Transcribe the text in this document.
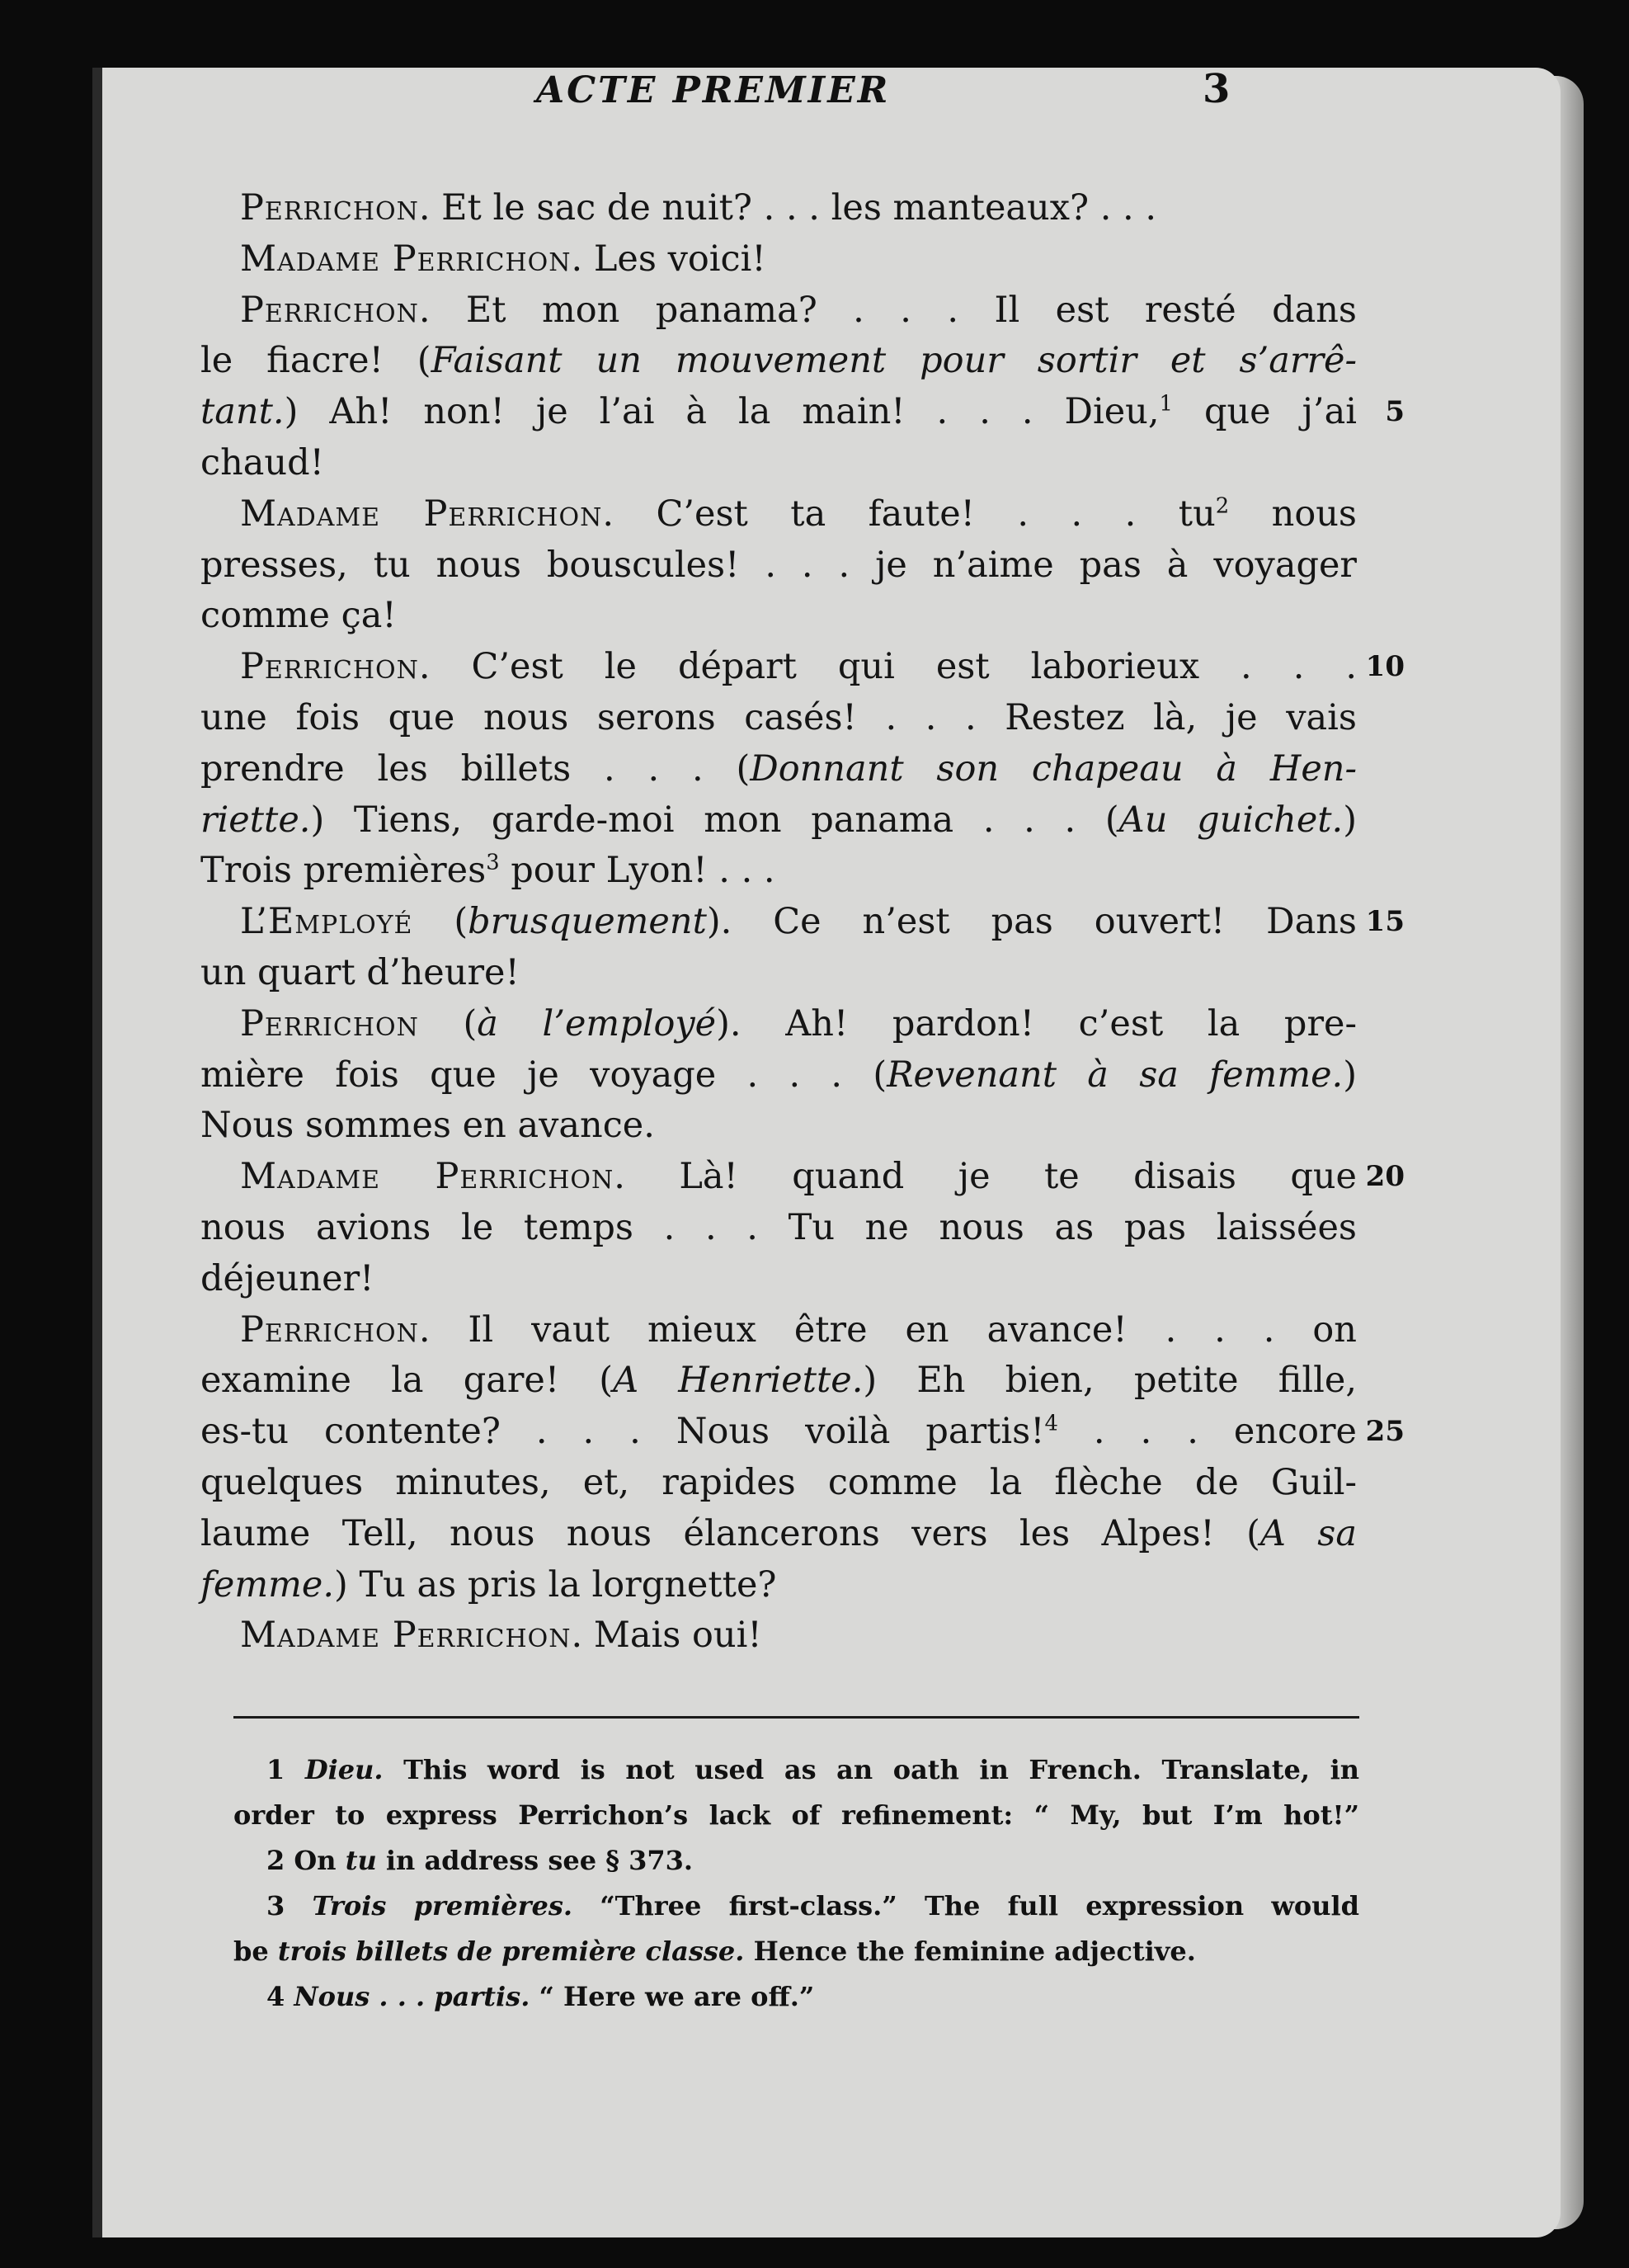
ACTE PREMIER	3
Perrichon. Et le sac de nuit? . . . les manteaux? . . .
Madame Perrichon. Les voici!
Perrichon. Et mon panama? . . . Il est resté dans
le fiacre! (Faisant un mouvement pour sortir et s’arrê-
tant.) Ah! non! je l’ai à la main! . . . Dieu,$^1$ que j’ai 5
chaud!
Madame Perrichon. C’est ta faute! . . . $tu^2$ nous
presses, tu nous bouscules! . . . je n’aime pas à voyager
comme ça!
Perrichon. C’est le départ qui est laborieux . . . 10
une fois que nous serons casés! . . . Restez là, je vais
prendre les billets . . . (Donnant son chapeau à Hen-
riette.) Tiens, garde-moi mon panama . . . (Au guichet.)
Trois premières$^3$ pour Lyon! . . .
L’Employé (brusquement). Ce n’est pas ouvert! Dans 15
un quart d’heure!
Perrichon (à l’employé). Ah! pardon! c’est la pre-
mière fois que je voyage . . . (Revenant à sa femme.)
Nous sommes en avance.
Madame Perrichon. Là! quand je te disais que 20
nous avions le temps . . . Tu ne nous as pas laissées
déjeuner!
Perrichon. Il vaut mieux être en avance! . . . on
examine la gare! (A Henriette.) Eh bien, petite fille,
es-tu contente? . . . Nous voilà partis!$^4$ . . . encore 25
quelques minutes, et, rapides comme la flèche de Guil-
laume Tell, nous nous élancerons vers les Alpes! (A sa
femme.) Tu as pris la lorgnette?
Madame Perrichon. Mais oui!
1 Dieu. This word is not used as an oath in French. Translate, in
order to express Perrichon’s lack of refinement: “ My, but I’m hot!”
2 On tu in address see § 373.
3 Trois premières. “Three first-class.” The full expression would
be trois billets de première classe. Hence the feminine adjective.
4 Nous . . . partis. “ Here we are off.”
